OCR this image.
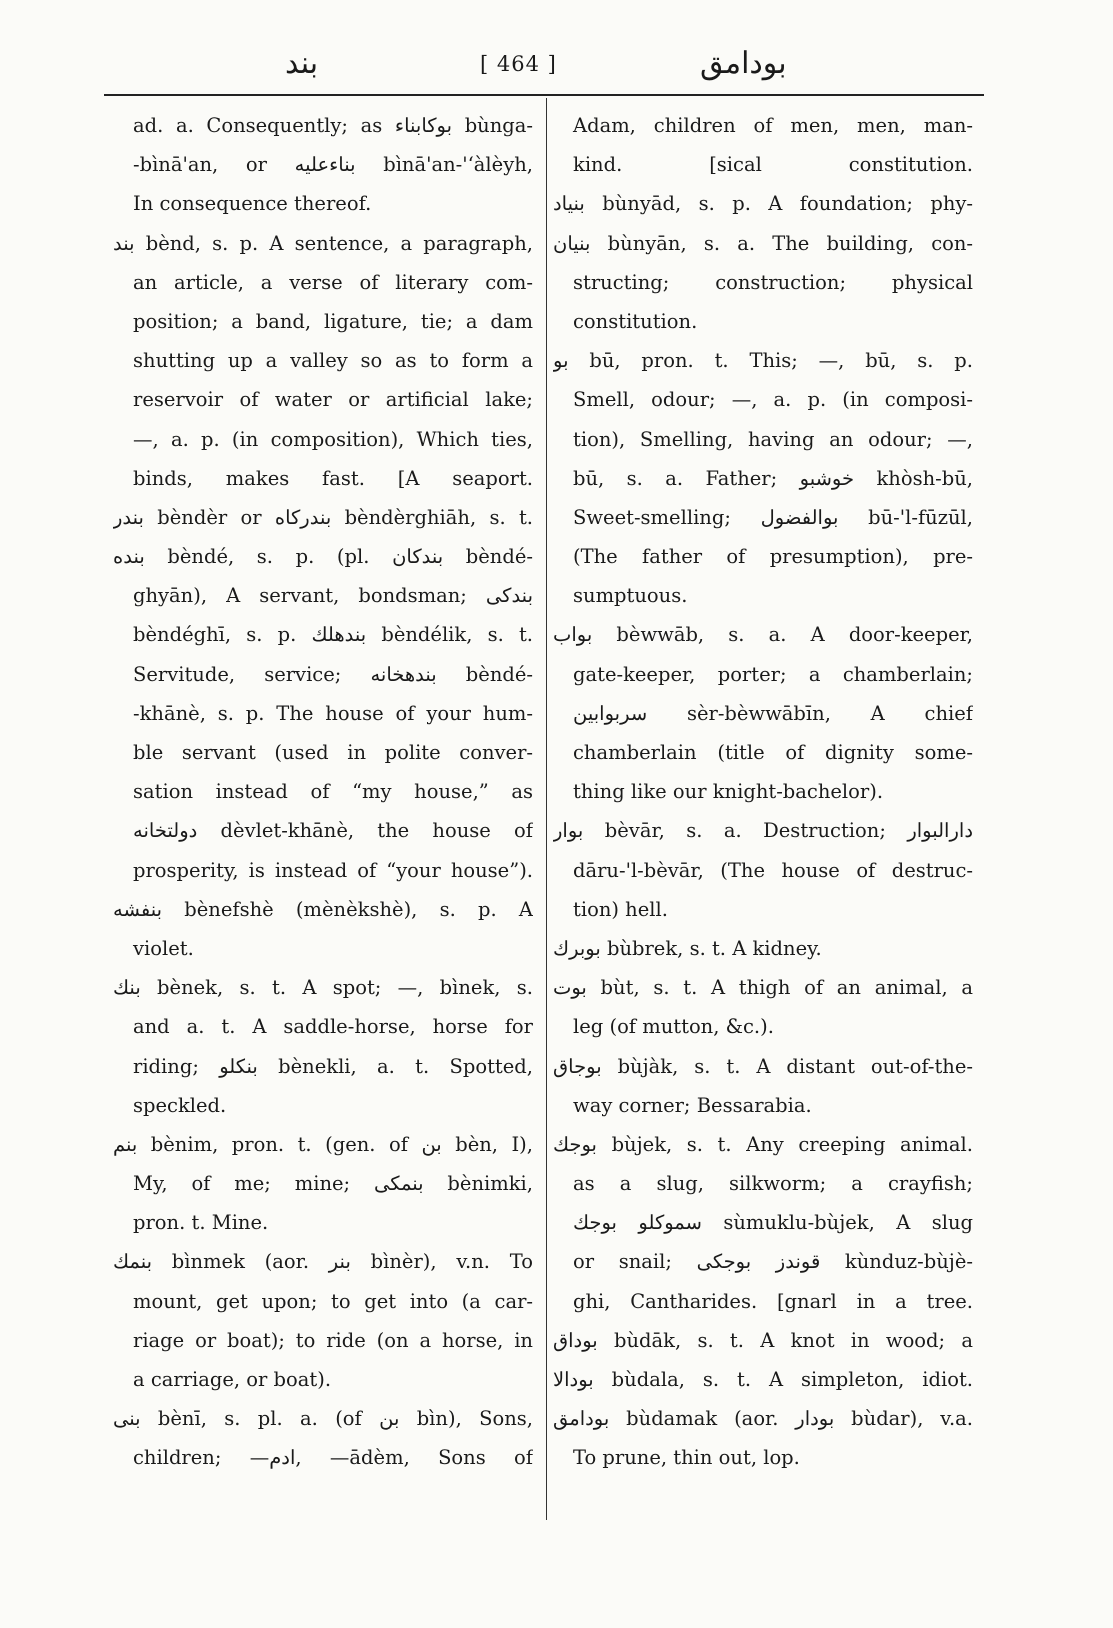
بند	[ 464 ]	بوداﻣﻖ
ad. a. Consequently; as بوكابناء bùnga-
-bìnā'an, or بناءعليه bìnā'an-'‘àlèyh,
In consequence thereof.
بند bènd, s. p. A sentence, a paragraph,
an article, a verse of literary com-
position; a band, ligature, tie; a dam
shutting up a valley so as to form a
reservoir of water or artificial lake;
—, a. p. (in composition), Which ties,
binds, makes fast. [A seaport.
بندر bèndèr or بندركاه bèndèrghiāh, s. t.
بنده bèndé, s. p. (pl. بندكان bèndé-
ghyān), A servant, bondsman; بندكی
bèndéghī, s. p. بندهلك bèndélik, s. t.
Servitude, service; بندهخانه bèndé-
-khānè, s. p. The house of your hum-
ble servant (used in polite conver-
sation instead of “my house,” as
دولتخانه dèvlet-khānè, the house of
prosperity, is instead of “your house”).
بنفشه bènefshè (mènèkshè), s. p. A
violet.
بنك bènek, s. t. A spot; —, bìnek, s.
and a. t. A saddle-horse, horse for
riding; بنكلو bènekli, a. t. Spotted,
speckled.
بنم bènim, pron. t. (gen. of بن bèn, I),
My, of me; mine; بنمكی bènimki,
pron. t. Mine.
بنمك bìnmek (aor. بنر bìnèr), v.n. To
mount, get upon; to get into (a car-
riage or boat); to ride (on a horse, in
a carriage, or boat).
بنى bènī, s. pl. a. (of بن bìn), Sons,
children; —ادم, —ādèm, Sons of
Adam, children of men, men, man-
kind. [sical constitution.
بنياد bùnyād, s. p. A foundation; phy-
بنيان bùnyān, s. a. The building, con-
structing; construction; physical
constitution.
بو bū, pron. t. This; —, bū, s. p.
Smell, odour; —, a. p. (in composi-
tion), Smelling, having an odour; —,
bū, s. a. Father; خوشبو khòsh-bū,
Sweet-smelling; بوالفضول bū-'l-fūzūl,
(The father of presumption), pre-
sumptuous.
بواب bèwwāb, s. a. A door-keeper,
gate-keeper, porter; a chamberlain;
سربوابين sèr-bèwwābīn, A chief
chamberlain (title of dignity some-
thing like our knight-bachelor).
بوار bèvār, s. a. Destruction; دارالبوار
dāru-'l-bèvār, (The house of destruc-
tion) hell.
بوبرك bùbrek, s. t. A kidney.
بوت bùt, s. t. A thigh of an animal, a
leg (of mutton, &c.).
بوجاق bùjàk, s. t. A distant out-of-the-
way corner; Bessarabia.
بوجك bùjek, s. t. Any creeping animal.
as a slug, silkworm; a crayfish;
سموكلو بوجك sùmuklu-bùjek, A slug
or snail; قوندز بوجكی kùnduz-bùjè-
ghi, Cantharides. [gnarl in a tree.
بوداق bùdāk, s. t. A knot in wood; a
بودالا bùdala, s. t. A simpleton, idiot.
بوداﻣﻖ bùdamak (aor. بودار bùdar), v.a.
To prune, thin out, lop.
